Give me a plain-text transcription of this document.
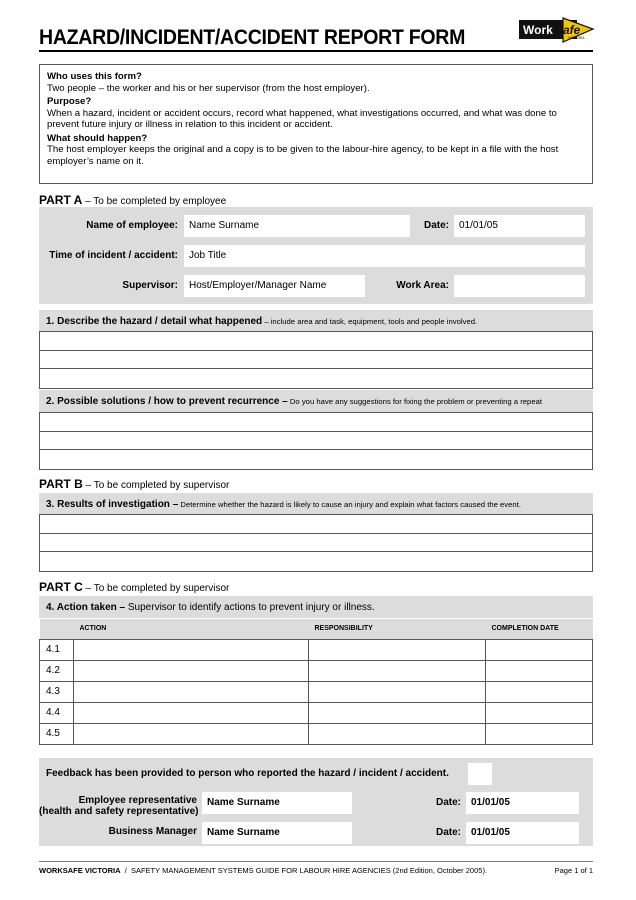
HAZARD/INCIDENT/ACCIDENT REPORT FORM	Work Safe
VICTORIA
Who uses this form?
Two people – the worker and his or her supervisor (from the host employer).
Purpose?
When a hazard, incident or accident occurs, record what happened, what investigations occurred, and what was done to prevent future injury or illness in relation to this incident or accident.
What should happen?
The host employer keeps the original and a copy is to be given to the labour-hire agency, to be kept in a file with the host employer’s name on it.
PART A – To be completed by employee
Name of employee:	Name Surname	Date:	01/01/05
Time of incident / accident:	Job Title
Supervisor:	Host/Employer/Manager Name	Work Area:
1. Describe the hazard / detail what happened – include area and task, equipment, tools and people involved.
2. Possible solutions / how to prevent recurrence – Do you have any suggestions for fixing the problem or preventing a repeat
PART B – To be completed by supervisor
3. Results of investigation – Determine whether the hazard is likely to cause an injury and explain what factors caused the event.
PART C – To be completed by supervisor
4. Action taken – Supervisor to identify actions to prevent injury or illness.
	ACTION	RESPONSIBILITY	COMPLETION DATE
4.1			
4.2			
4.3			
4.4			
4.5			
Feedback has been provided to person who reported the hazard / incident / accident.
Employee representative
(health and safety representative)
Name Surname	Date:	01/01/05
Business Manager	Name Surname	Date:	01/01/05
WORKSAFE VICTORIA  /  SAFETY MANAGEMENT SYSTEMS GUIDE FOR LABOUR HIRE AGENCIES (2nd Edition, October 2005).	Page 1 of 1
